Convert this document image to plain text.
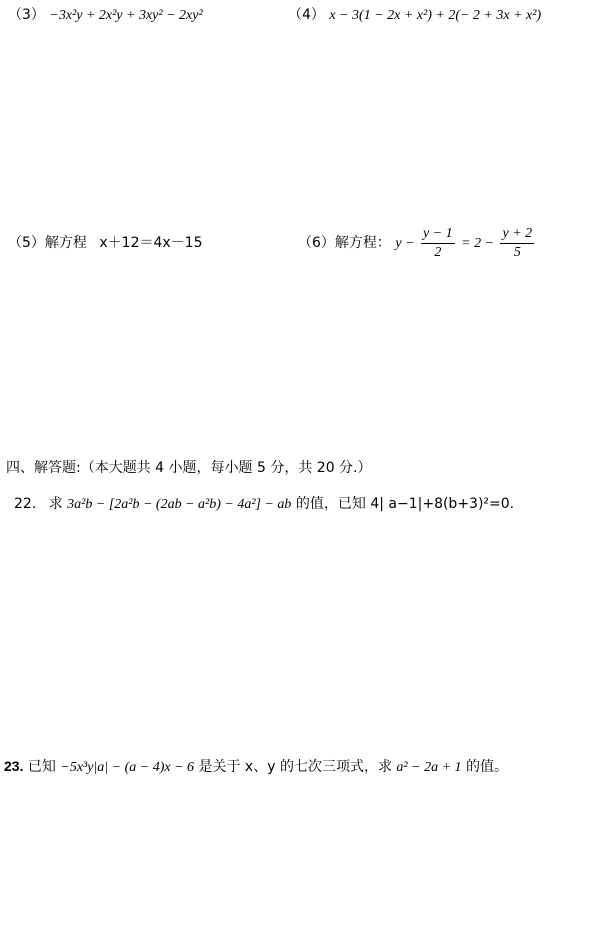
（3） −3x²y + 2x²y + 3xy² − 2xy²	（4） x − 3(1 − 2x + x²) + 2(− 2 + 3x + x²)
（5）解方程 x＋12＝4x－15	（6）解方程： $y - \frac{y - 1}{2} = 2 - \frac{y + 2}{5}$
四、解答题:（本大题共 4 小题，每小题 5 分，共 20 分.）
22. 求 3a²b − [2a²b − (2ab − a²b) − 4a²] − ab 的值，已知 4| a−1|+8(b+3)²=0.
23. 已知 −5x³y|a| − (a − 4)x − 6 是关于 x、y 的七次三项式，求 a² − 2a + 1 的值。
